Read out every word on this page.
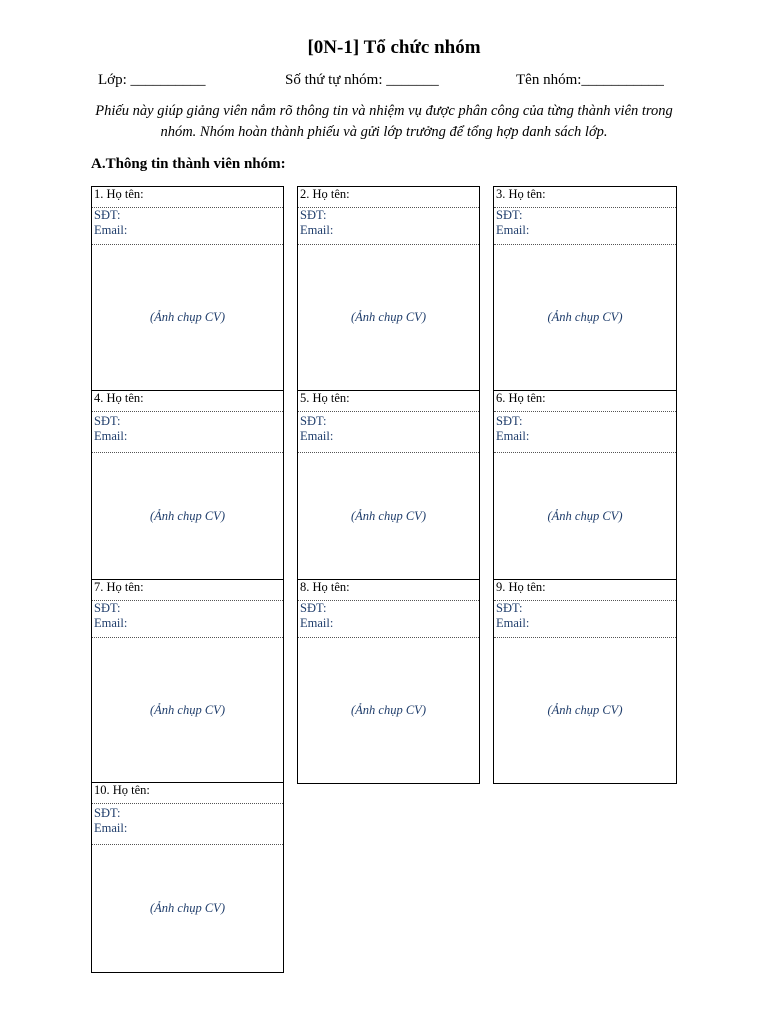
[0N-1] Tổ chức nhóm
Lớp: __________	Số thứ tự nhóm: _______	Tên nhóm:___________
Phiếu này giúp giảng viên nắm rõ thông tin và nhiệm vụ được phân công của từng thành viên trong nhóm. Nhóm hoàn thành phiếu và gửi lớp trưởng để tổng hợp danh sách lớp.
A.Thông tin thành viên nhóm:
1. Họ tên:
SĐT:
Email:
(Ảnh chụp CV)
2. Họ tên:
SĐT:
Email:
(Ảnh chụp CV)
3. Họ tên:
SĐT:
Email:
(Ảnh chụp CV)
4. Họ tên:
SĐT:
Email:
(Ảnh chụp CV)
5. Họ tên:
SĐT:
Email:
(Ảnh chụp CV)
6. Họ tên:
SĐT:
Email:
(Ảnh chụp CV)
7. Họ tên:
SĐT:
Email:
(Ảnh chụp CV)
8. Họ tên:
SĐT:
Email:
(Ảnh chụp CV)
9. Họ tên:
SĐT:
Email:
(Ảnh chụp CV)
10. Họ tên:
SĐT:
Email:
(Ảnh chụp CV)
